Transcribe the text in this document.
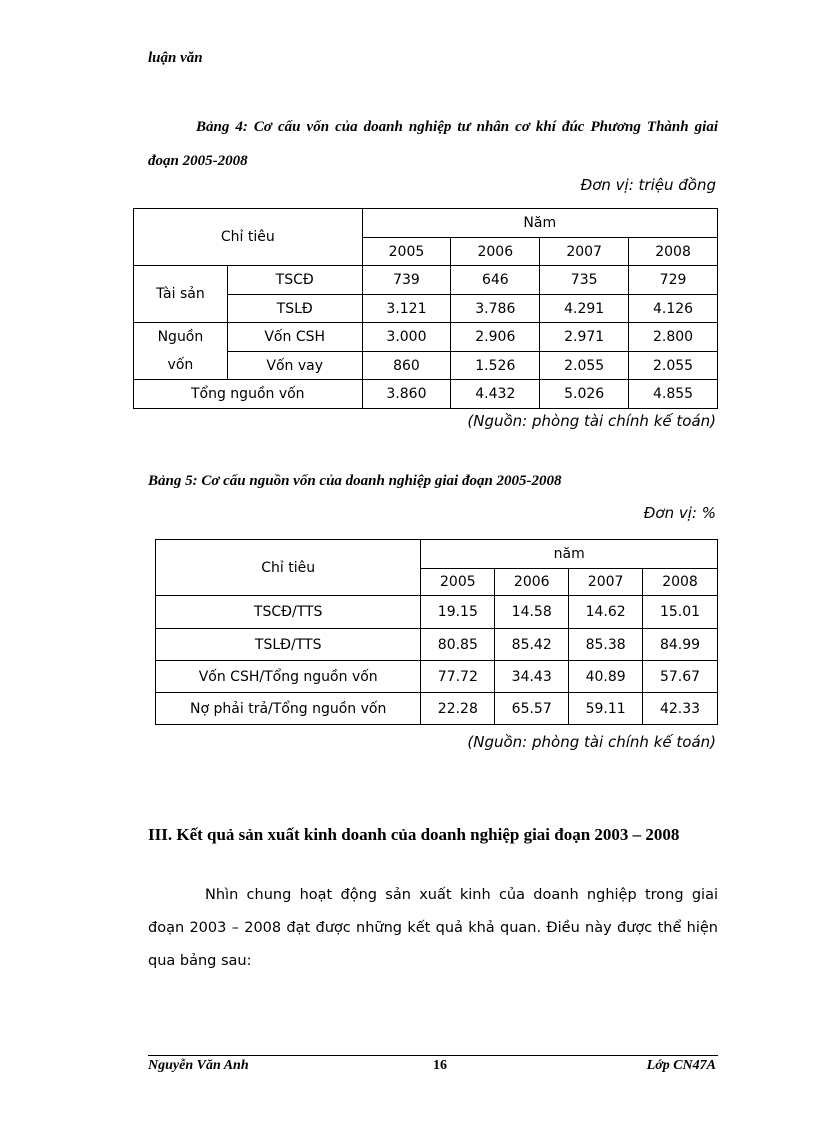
luận văn
Bảng 4: Cơ cấu vốn của doanh nghiệp tư nhân cơ khí đúc Phương Thành giai đoạn 2005-2008
Đơn vị: triệu đồng
Chỉ tiêu		Năm			
		2005	2006	2007	2008
Tài sản	TSCĐ	739	646	735	729
	TSLĐ	3.121	3.786	4.291	4.126
Nguồn
vốn	Vốn CSH	3.000	2.906	2.971	2.800
	Vốn vay	860	1.526	2.055	2.055
Tổng nguồn vốn		3.860	4.432	5.026	4.855
(Nguồn: phòng tài chính kế toán)
Bảng 5: Cơ cấu nguồn vốn của doanh nghiệp giai đoạn 2005-2008
Đơn vị: %
Chỉ tiêu	năm			
	2005	2006	2007	2008
TSCĐ/TTS	19.15	14.58	14.62	15.01
TSLĐ/TTS	80.85	85.42	85.38	84.99
Vốn CSH/Tổng nguồn vốn	77.72	34.43	40.89	57.67
Nợ phải trả/Tổng nguồn vốn	22.28	65.57	59.11	42.33
(Nguồn: phòng tài chính kế toán)
III. Kết quả sản xuất kinh doanh của doanh nghiệp giai đoạn 2003 – 2008
Nhìn chung hoạt động sản xuất kinh của doanh nghiệp trong giai đoạn 2003 – 2008 đạt được những kết quả khả quan. Điều này được thể hiện qua bảng sau:
Nguyễn Văn Anh	16	Lớp CN47A
